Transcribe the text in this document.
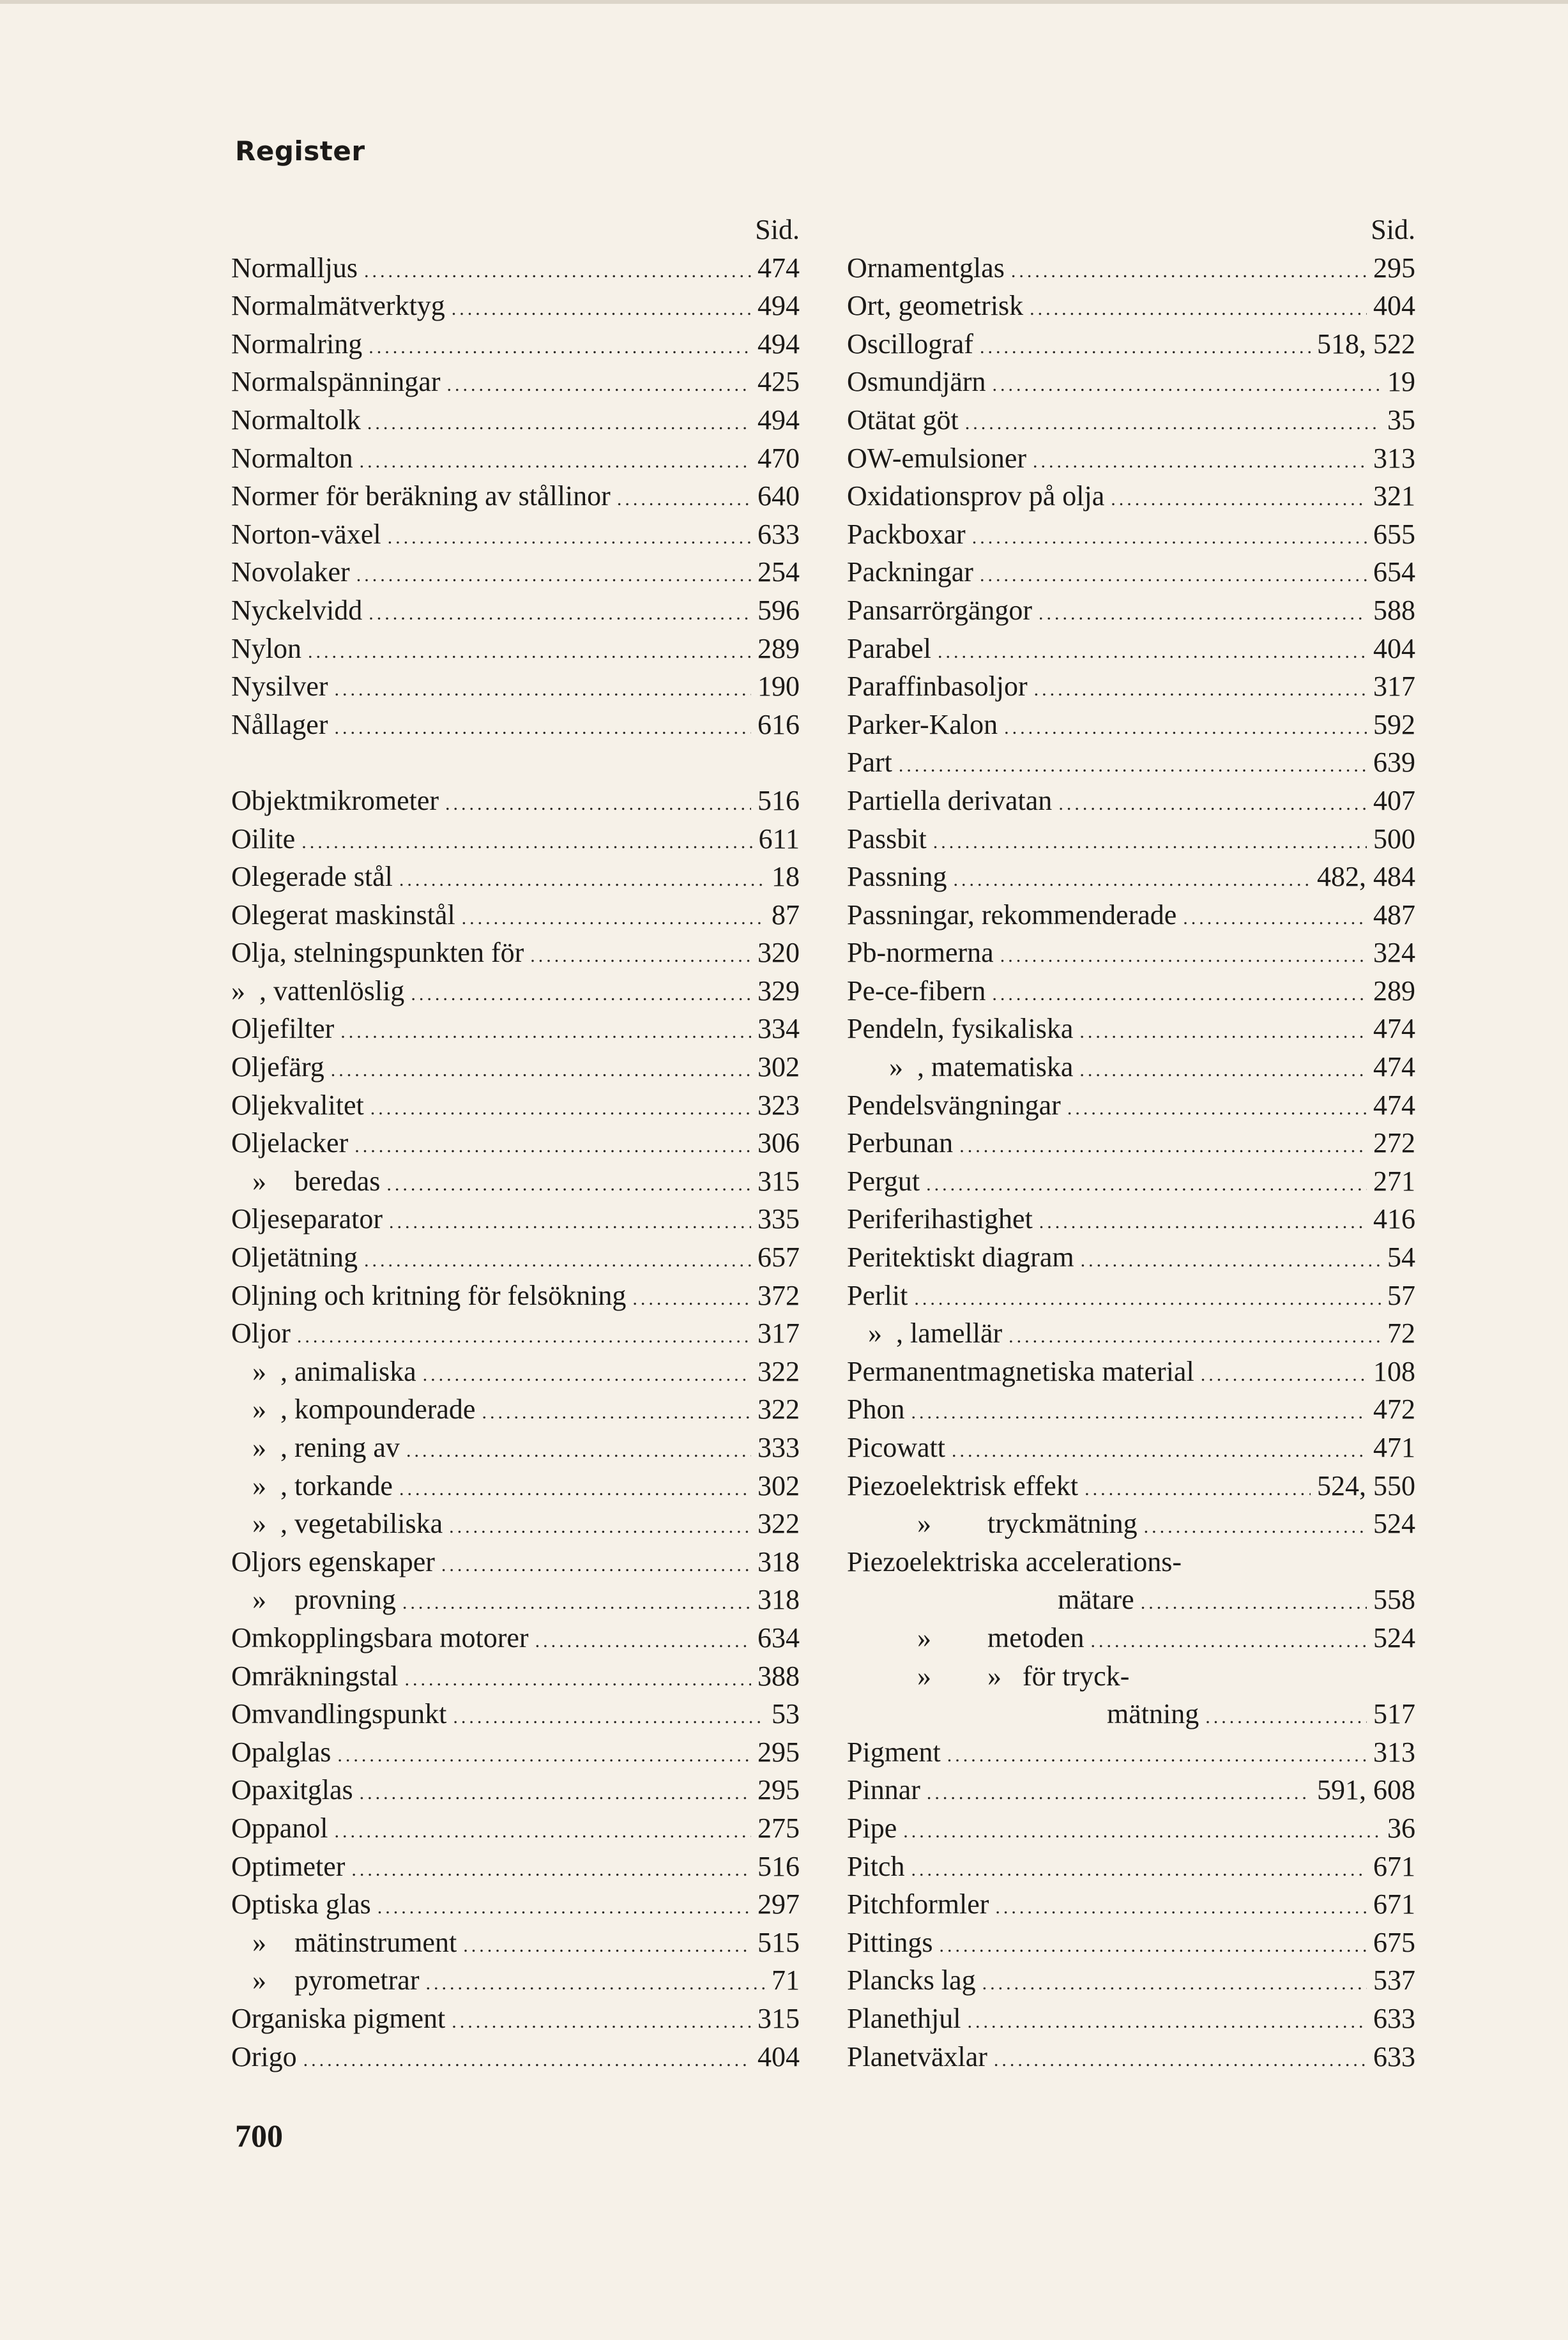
Register
Sid.
Normalljus .....	474
Normalmätverktyg .....	494
Normalring .....	494
Normalspänningar .....	425
Normaltolk .....	494
Normalton .....	470
Normer för beräkning av stållinor .....	640
Norton-växel .....	633
Novolaker .....	254
Nyckelvidd .....	596
Nylon .....	289
Nysilver .....	190
Nållager .....	616
Objektmikrometer .....	516
Oilite .....	611
Olegerade stål .....	18
Olegerat maskinstål .....	87
Olja, stelningspunkten för .....	320
»  , vattenlöslig .....	329
Oljefilter .....	334
Oljefärg .....	302
Oljekvalitet .....	323
Oljelacker .....	306
»    beredas .....	315
Oljeseparator .....	335
Oljetätning .....	657
Oljning och kritning för felsökning .....	372
Oljor .....	317
»  , animaliska .....	322
»  , kompounderade .....	322
»  , rening av .....	333
»  , torkande .....	302
»  , vegetabiliska .....	322
Oljors egenskaper .....	318
»    provning .....	318
Omkopplingsbara motorer .....	634
Omräkningstal .....	388
Omvandlingspunkt .....	53
Opalglas .....	295
Opaxitglas .....	295
Oppanol .....	275
Optimeter .....	516
Optiska glas .....	297
»    mätinstrument .....	515
»    pyrometrar .....	71
Organiska pigment .....	315
Origo .....	404
Sid.
Ornamentglas .....	295
Ort, geometrisk .....	404
Oscillograf .....	518, 522
Osmundjärn .....	19
Otätat göt .....	35
OW-emulsioner .....	313
Oxidationsprov på olja .....	321
Packboxar .....	655
Packningar .....	654
Pansarrörgängor .....	588
Parabel .....	404
Paraffinbasoljor .....	317
Parker-Kalon .....	592
Part .....	639
Partiella derivatan .....	407
Passbit .....	500
Passning .....	482, 484
Passningar, rekommenderade .....	487
Pb-normerna .....	324
Pe-ce-fibern .....	289
Pendeln, fysikaliska .....	474
»  , matematiska .....	474
Pendelsvängningar .....	474
Perbunan .....	272
Pergut .....	271
Periferihastighet .....	416
Peritektiskt diagram .....	54
Perlit .....	57
»  , lamellär .....	72
Permanentmagnetiska material .....	108
Phon .....	472
Picowatt .....	471
Piezoelektrisk effekt .....	524, 550
»        tryckmätning .....	524
Piezoelektriska accelerations-
mätare .....	558
»        metoden .....	524
»        »   för tryck-
mätning .....	517
Pigment .....	313
Pinnar .....	591, 608
Pipe .....	36
Pitch .....	671
Pitchformler .....	671
Pittings .....	675
Plancks lag .....	537
Planethjul .....	633
Planetväxlar .....	633
700
